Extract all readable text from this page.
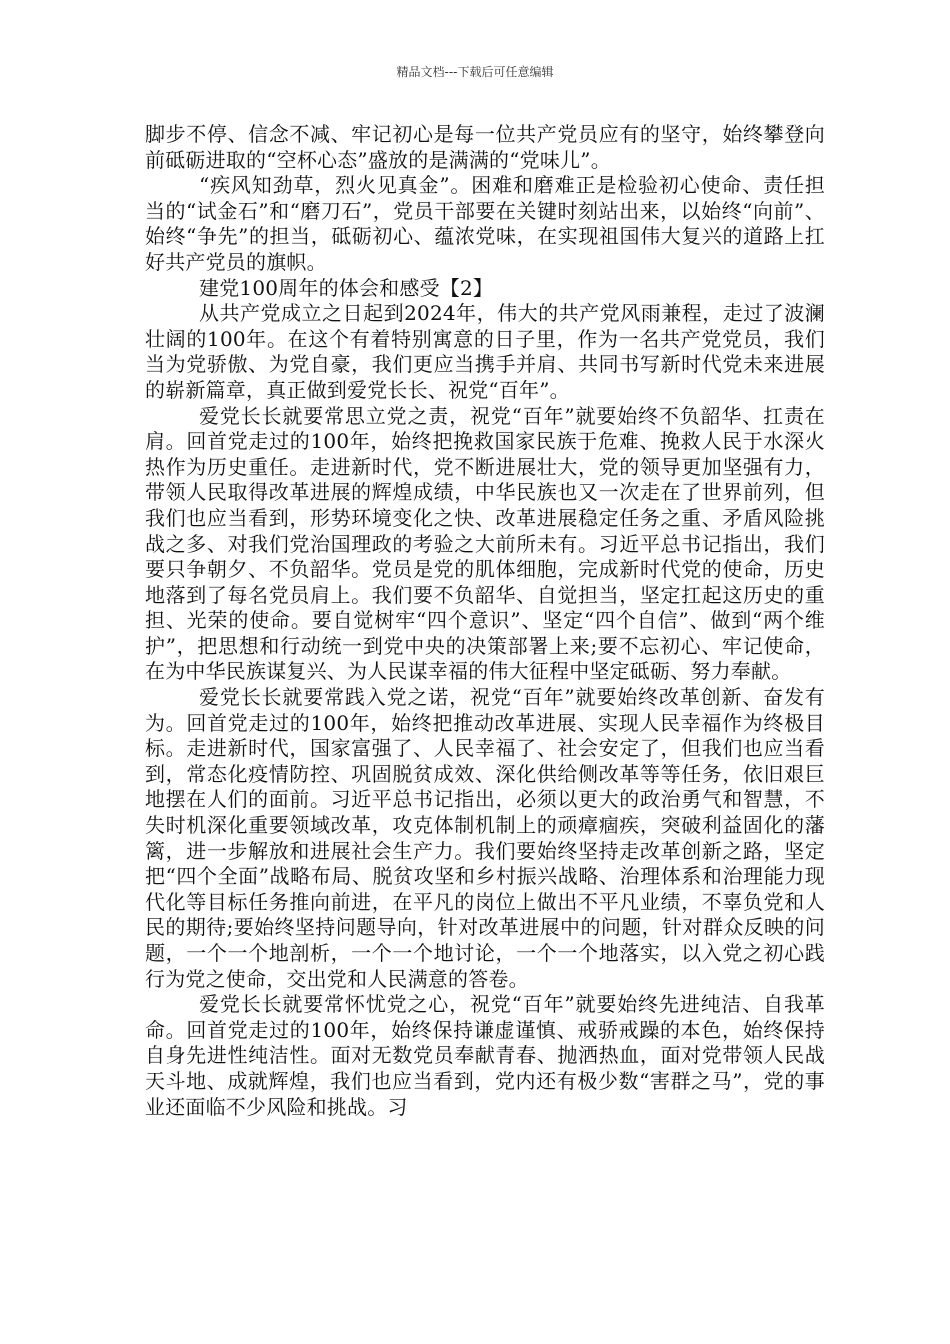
精品文档---下载后可任意编辑

脚步不停、信念不减、牢记初心是每一位共产党员应有的坚守，始终攀登向前砥砺进取的“空杯心态”盛放的是满满的“党味儿”。

“疾风知劲草，烈火见真金”。困难和磨难正是检验初心使命、责任担当的“试金石”和“磨刀石”，党员干部要在关键时刻站出来，以始终“向前”、始终“争先”的担当，砥砺初心、蕴浓党味，在实现祖国伟大复兴的道路上扛好共产党员的旗帜。

建党100周年的体会和感受【2】

从共产党成立之日起到2024年，伟大的共产党风雨兼程，走过了波澜壮阔的100年。在这个有着特别寓意的日子里，作为一名共产党党员，我们当为党骄傲、为党自豪，我们更应当携手并肩、共同书写新时代党未来进展的崭新篇章，真正做到爱党长长、祝党“百年”。

爱党长长就要常思立党之责，祝党“百年”就要始终不负韶华、扛责在肩。回首党走过的100年，始终把挽救国家民族于危难、挽救人民于水深火热作为历史重任。走进新时代，党不断进展壮大，党的领导更加坚强有力，带领人民取得改革进展的辉煌成绩，中华民族也又一次走在了世界前列，但我们也应当看到，形势环境变化之快、改革进展稳定任务之重、矛盾风险挑战之多、对我们党治国理政的考验之大前所未有。习近平总书记指出，我们要只争朝夕、不负韶华。党员是党的肌体细胞，完成新时代党的使命，历史地落到了每名党员肩上。我们要不负韶华、自觉担当，坚定扛起这历史的重担、光荣的使命。要自觉树牢“四个意识”、坚定“四个自信”、做到“两个维护”，把思想和行动统一到党中央的决策部署上来;要不忘初心、牢记使命，在为中华民族谋复兴、为人民谋幸福的伟大征程中坚定砥砺、努力奉献。

爱党长长就要常践入党之诺，祝党“百年”就要始终改革创新、奋发有为。回首党走过的100年，始终把推动改革进展、实现人民幸福作为终极目标。走进新时代，国家富强了、人民幸福了、社会安定了，但我们也应当看到，常态化疫情防控、巩固脱贫成效、深化供给侧改革等等任务，依旧艰巨地摆在人们的面前。习近平总书记指出，必须以更大的政治勇气和智慧，不失时机深化重要领域改革，攻克体制机制上的顽瘴痼疾，突破利益固化的藩篱，进一步解放和进展社会生产力。我们要始终坚持走改革创新之路，坚定把“四个全面”战略布局、脱贫攻坚和乡村振兴战略、治理体系和治理能力现代化等目标任务推向前进，在平凡的岗位上做出不平凡业绩，不辜负党和人民的期待;要始终坚持问题导向，针对改革进展中的问题，针对群众反映的问题，一个一个地剖析，一个一个地讨论，一个一个地落实，以入党之初心践行为党之使命，交出党和人民满意的答卷。

爱党长长就要常怀忧党之心，祝党“百年”就要始终先进纯洁、自我革命。回首党走过的100年，始终保持谦虚谨慎、戒骄戒躁的本色，始终保持自身先进性纯洁性。面对无数党员奉献青春、抛洒热血，面对党带领人民战天斗地、成就辉煌，我们也应当看到，党内还有极少数“害群之马”，党的事业还面临不少风险和挑战。习
